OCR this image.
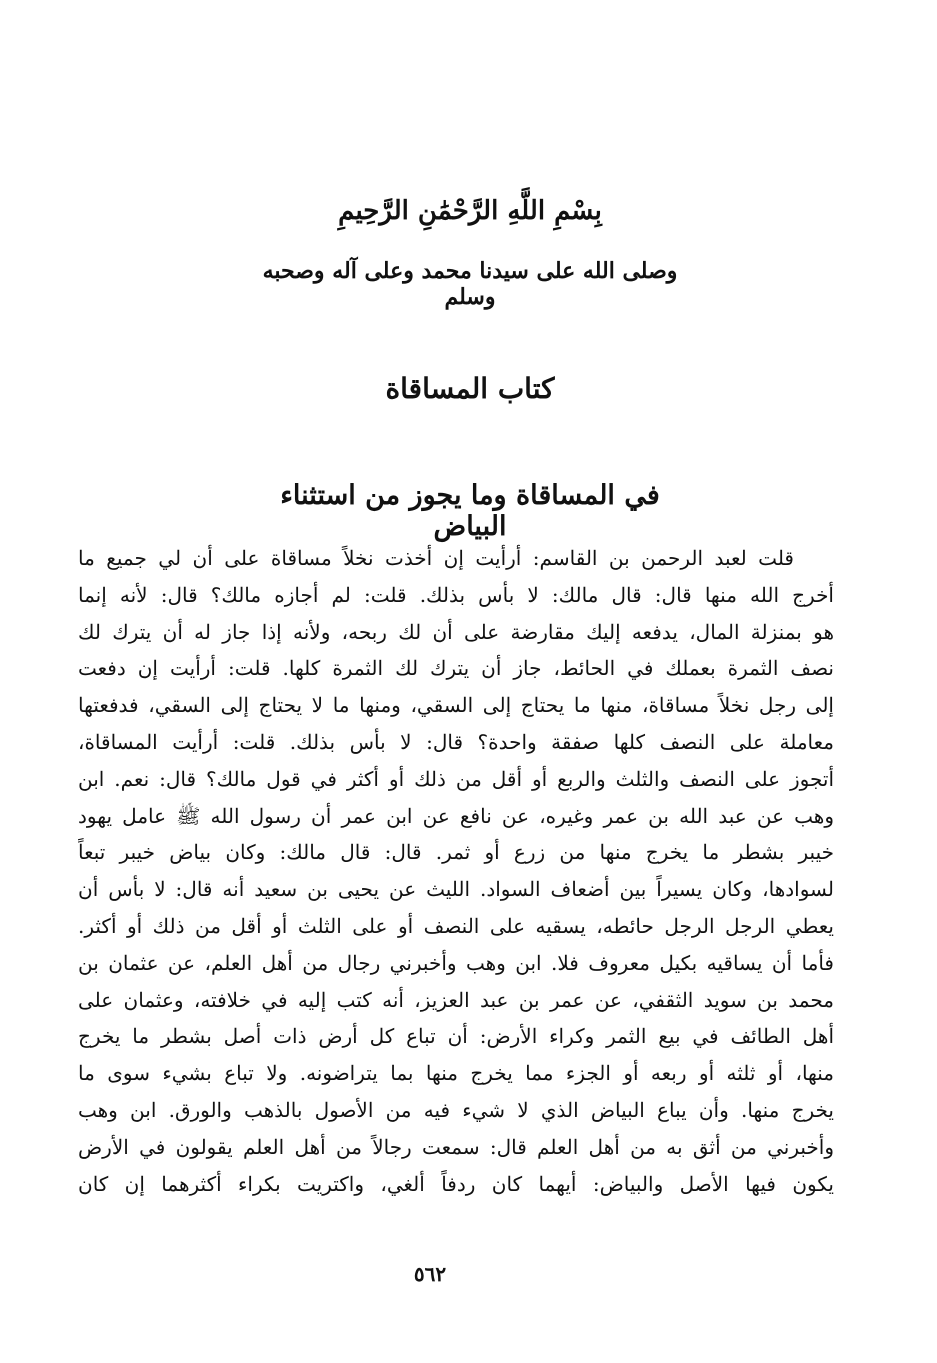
بِسْمِ اللَّهِ الرَّحْمَٰنِ الرَّحِيمِ
وصلى الله على سيدنا محمد وعلى آله وصحبه وسلم
كتاب المساقاة
في المساقاة وما يجوز من استثناء البياض
قلت لعبد الرحمن بن القاسم: أرأيت إن أخذت نخلاً مساقاة على أن لي جميع ما
أخرج الله منها قال: قال مالك: لا بأس بذلك. قلت: لم أجازه مالك؟ قال: لأنه إنما
هو بمنزلة المال، يدفعه إليك مقارضة على أن لك ربحه، ولأنه إذا جاز له أن يترك لك
نصف الثمرة بعملك في الحائط، جاز أن يترك لك الثمرة كلها. قلت: أرأيت إن دفعت
إلى رجل نخلاً مساقاة، منها ما يحتاج إلى السقي، ومنها ما لا يحتاج إلى السقي، فدفعتها
معاملة على النصف كلها صفقة واحدة؟ قال: لا بأس بذلك. قلت: أرأيت المساقاة،
أتجوز على النصف والثلث والربع أو أقل من ذلك أو أكثر في قول مالك؟ قال: نعم. ابن
وهب عن عبد الله بن عمر وغيره، عن نافع عن ابن عمر أن رسول الله ﷺ عامل يهود
خيبر بشطر ما يخرج منها من زرع أو ثمر. قال: قال مالك: وكان بياض خيبر تبعاً
لسوادها، وكان يسيراً بين أضعاف السواد. الليث عن يحيى بن سعيد أنه قال: لا بأس أن
يعطي الرجل الرجل حائطه، يسقيه على النصف أو على الثلث أو أقل من ذلك أو أكثر.
فأما أن يساقيه بكيل معروف فلا. ابن وهب وأخبرني رجال من أهل العلم، عن عثمان بن
محمد بن سويد الثقفي، عن عمر بن عبد العزيز، أنه كتب إليه في خلافته، وعثمان على
أهل الطائف في بيع الثمر وكراء الأرض: أن تباع كل أرض ذات أصل بشطر ما يخرج
منها، أو ثلثه أو ربعه أو الجزء مما يخرج منها بما يتراضونه. ولا تباع بشيء سوى ما
يخرج منها. وأن يباع البياض الذي لا شيء فيه من الأصول بالذهب والورق. ابن وهب
وأخبرني من أثق به من أهل العلم قال: سمعت رجالاً من أهل العلم يقولون في الأرض
يكون فيها الأصل والبياض: أيهما كان ردفاً ألغي، واكتريت بكراء أكثرهما إن كان
٥٦٢
